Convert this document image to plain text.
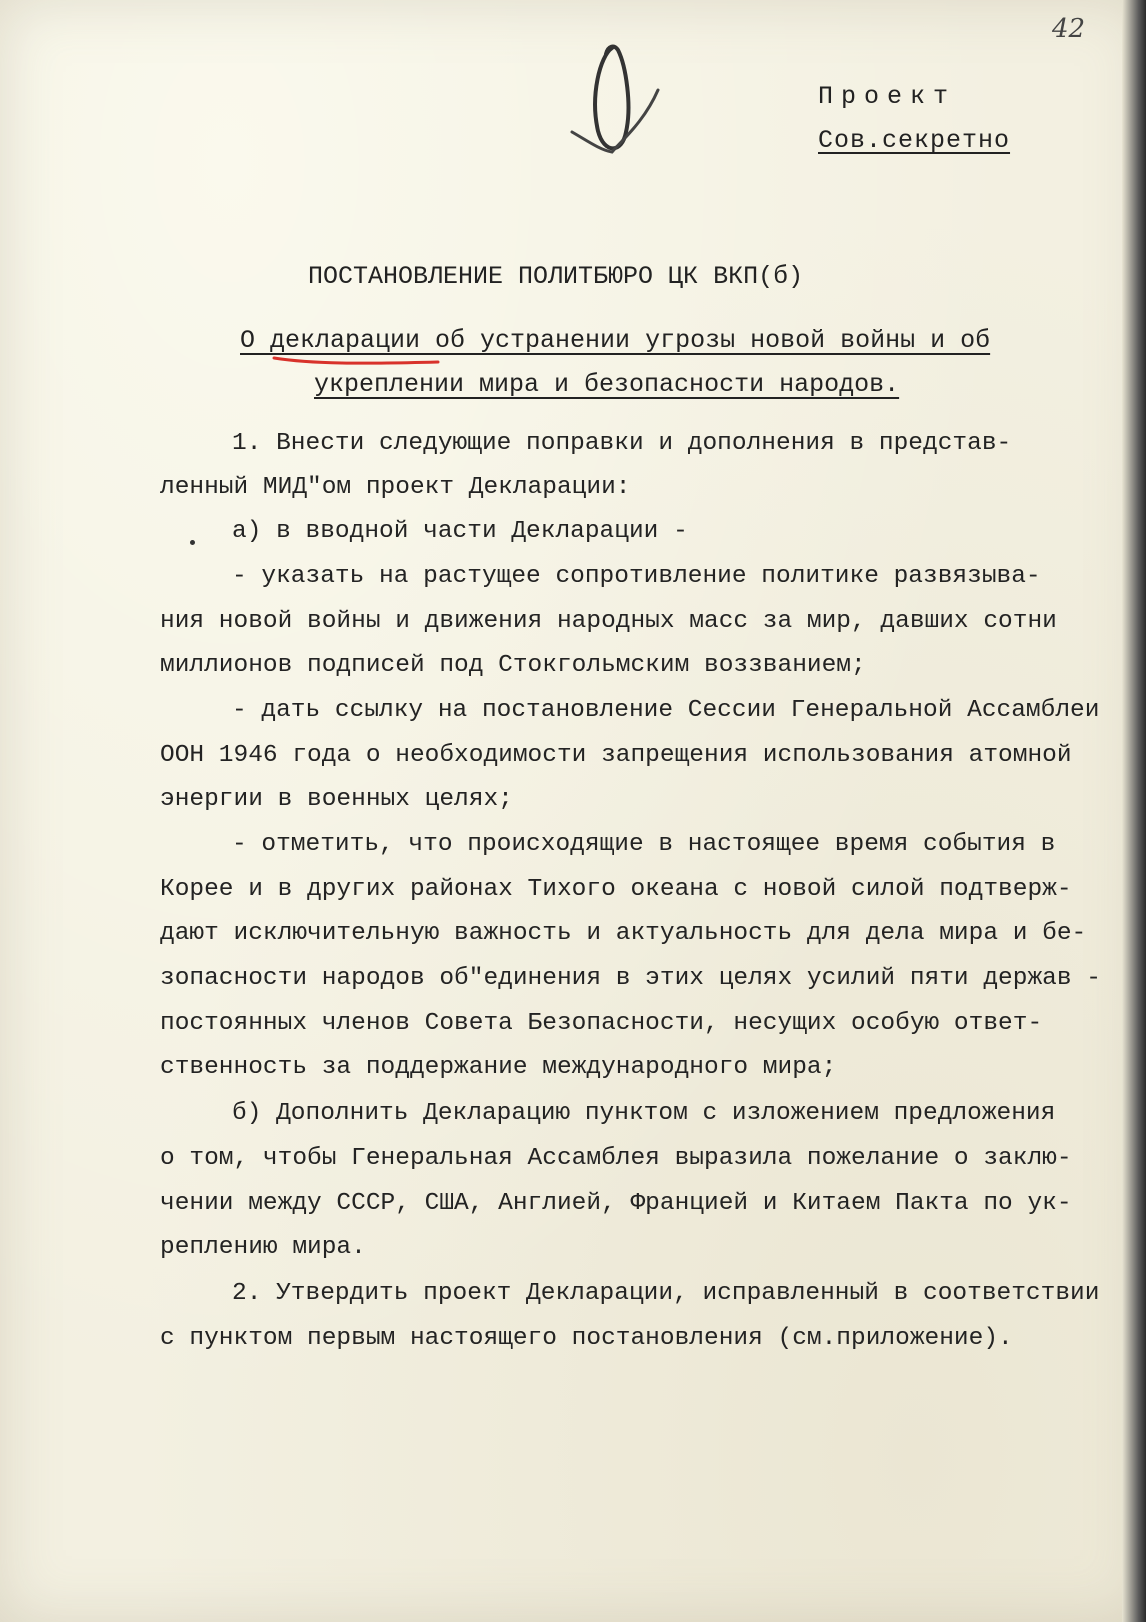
42
Проект
Сов.секретно
ПОСТАНОВЛЕНИЕ ПОЛИТБЮРО ЦК ВКП(б)
О декларации об устранении угрозы новой войны и об
укреплении мира и безопасности народов.
1. Внести следующие поправки и дополнения в представ-
ленный МИД"ом проект Декларации:
а) в вводной части Декларации -
- указать на растущее сопротивление политике развязыва-
ния новой войны и движения народных масс за мир, давших сотни
миллионов подписей под Стокгольмским воззванием;
- дать ссылку на постановление Сессии Генеральной Ассамблеи
ООН 1946 года о необходимости запрещения использования атомной
энергии в военных целях;
- отметить, что происходящие в настоящее время события в
Корее и в других районах Тихого океана с новой силой подтверж-
дают исключительную важность и актуальность для дела мира и бе-
зопасности народов об"единения в этих целях усилий пяти держав -
постоянных членов Совета Безопасности, несущих особую ответ-
ственность за поддержание международного мира;
б) Дополнить Декларацию пунктом с изложением предложения
о том, чтобы Генеральная Ассамблея выразила пожелание о заклю-
чении между СССР, США, Англией, Францией и Китаем Пакта по ук-
реплению мира.
2. Утвердить проект Декларации, исправленный в соответствии
с пунктом первым настоящего постановления (см.приложение).
